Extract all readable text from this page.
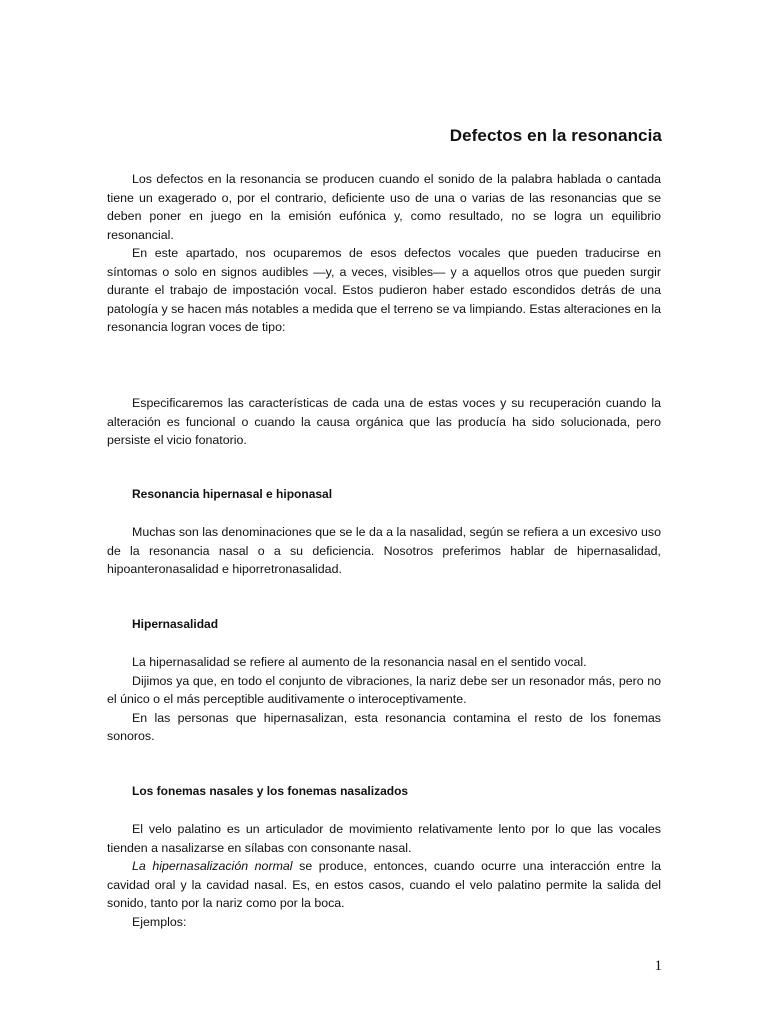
Defectos en la resonancia

Los defectos en la resonancia se producen cuando el sonido de la palabra hablada o cantada tiene un exagerado o, por el contrario, deficiente uso de una o varias de las resonancias que se deben poner en juego en la emisión eufónica y, como resultado, no se logra un equilibrio resonancial.

En este apartado, nos ocuparemos de esos defectos vocales que pueden traducirse en síntomas o solo en signos audibles —y, a veces, visibles— y a aquellos otros que pueden surgir durante el trabajo de impostación vocal. Estos pudieron haber estado escondidos detrás de una patología y se hacen más notables a medida que el terreno se va limpiando. Estas alteraciones en la resonancia logran voces de tipo:

Especificaremos las características de cada una de estas voces y su recuperación cuando la alteración es funcional o cuando la causa orgánica que las producía ha sido solucionada, pero persiste el vicio fonatorio.

Resonancia hipernasal e hiponasal

Muchas son las denominaciones que se le da a la nasalidad, según se refiera a un excesivo uso de la resonancia nasal o a su deficiencia. Nosotros preferimos hablar de hipernasalidad, hipoanteronasalidad e hiporretronasalidad.

Hipernasalidad

La hipernasalidad se refiere al aumento de la resonancia nasal en el sentido vocal.

Dijimos ya que, en todo el conjunto de vibraciones, la nariz debe ser un resonador más, pero no el único o el más perceptible auditivamente o interoceptivamente.

En las personas que hipernasalizan, esta resonancia contamina el resto de los fonemas sonoros.

Los fonemas nasales y los fonemas nasalizados

El velo palatino es un articulador de movimiento relativamente lento por lo que las vocales tienden a nasalizarse en sílabas con consonante nasal.

La hipernasalización normal se produce, entonces, cuando ocurre una interacción entre la cavidad oral y la cavidad nasal. Es, en estos casos, cuando el velo palatino permite la salida del sonido, tanto por la nariz como por la boca.

Ejemplos:

1
